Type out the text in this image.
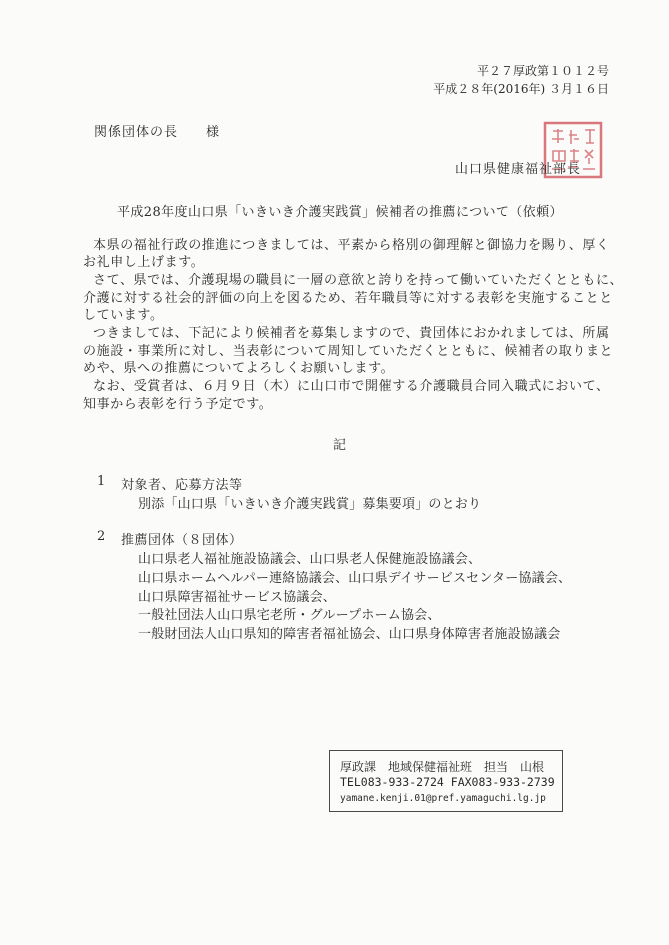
平２７厚政第１０１２号
平成２８年(2016年) ３月１６日
関係団体の長　　様
山口県健康福祉部長
平成28年度山口県「いきいき介護実践賞」候補者の推薦について（依頼）
本県の福祉行政の推進につきましては、平素から格別の御理解と御協力を賜り、厚く
お礼申し上げます。
さて、県では、介護現場の職員に一層の意欲と誇りを持って働いていただくとともに、
介護に対する社会的評価の向上を図るため、若年職員等に対する表彰を実施することと
しています。
つきましては、下記により候補者を募集しますので、貴団体におかれましては、所属
の施設・事業所に対し、当表彰について周知していただくとともに、候補者の取りまと
めや、県への推薦についてよろしくお願いします。
なお、受賞者は、６月９日（木）に山口市で開催する介護職員合同入職式において、
知事から表彰を行う予定です。
記
1 対象者、応募方法等
別添「山口県「いきいき介護実践賞」募集要項」のとおり
2 推薦団体（８団体）
山口県老人福祉施設協議会、山口県老人保健施設協議会、
山口県ホームヘルパー連絡協議会、山口県デイサービスセンター協議会、
山口県障害福祉サービス協議会、
一般社団法人山口県宅老所・グループホーム協会、
一般財団法人山口県知的障害者福祉協会、山口県身体障害者施設協議会
厚政課　地域保健福祉班　担当　山根
TEL083-933-2724 FAX083-933-2739
yamane.kenji.01@pref.yamaguchi.lg.jp
